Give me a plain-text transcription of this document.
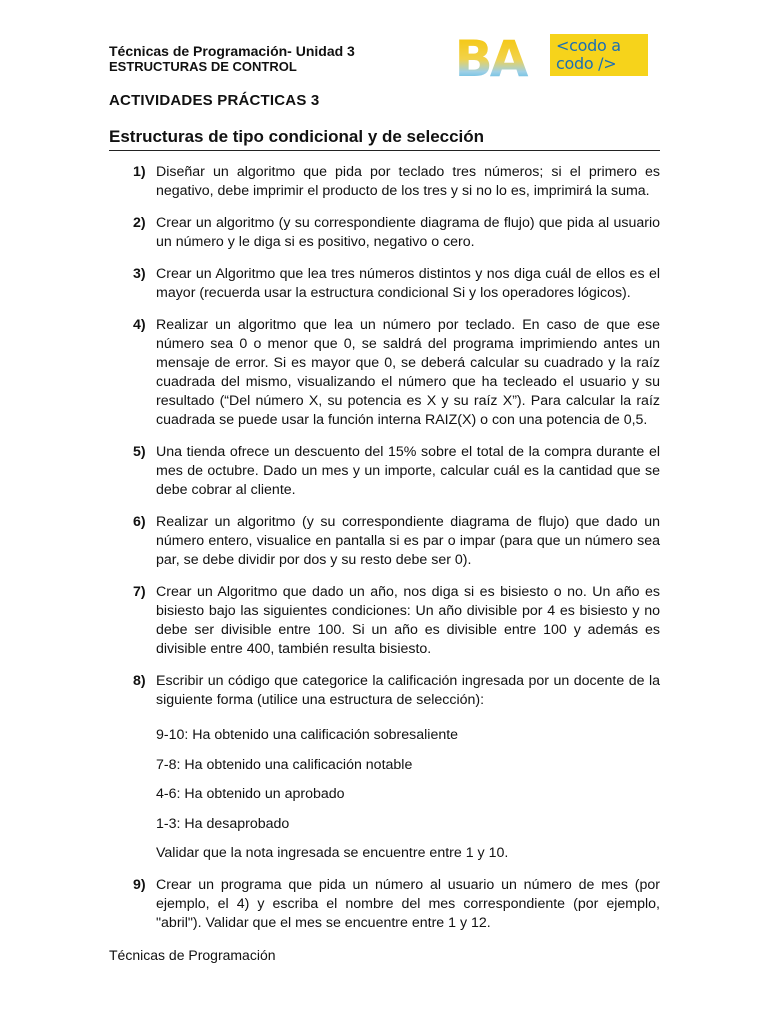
Técnicas de Programación- Unidad 3
ESTRUCTURAS DE CONTROL	BA <codo a
codo />
ACTIVIDADES PRÁCTICAS 3
Estructuras de tipo condicional y de selección
1) Diseñar un algoritmo que pida por teclado tres números; si el primero es negativo, debe imprimir el producto de los tres y si no lo es, imprimirá la suma.
2) Crear un algoritmo (y su correspondiente diagrama de flujo) que pida al usuario un número y le diga si es positivo, negativo o cero.
3) Crear un Algoritmo que lea tres números distintos y nos diga cuál de ellos es el mayor (recuerda usar la estructura condicional Si y los operadores lógicos).
4) Realizar un algoritmo que lea un número por teclado. En caso de que ese número sea 0 o menor que 0, se saldrá del programa imprimiendo antes un mensaje de error. Si es mayor que 0, se deberá calcular su cuadrado y la raíz cuadrada del mismo, visualizando el número que ha tecleado el usuario y su resultado (“Del número X, su potencia es X y su raíz X”). Para calcular la raíz cuadrada se puede usar la función interna RAIZ(X) o con una potencia de 0,5.
5) Una tienda ofrece un descuento del 15% sobre el total de la compra durante el mes de octubre. Dado un mes y un importe, calcular cuál es la cantidad que se debe cobrar al cliente.
6) Realizar un algoritmo (y su correspondiente diagrama de flujo) que dado un número entero, visualice en pantalla si es par o impar (para que un número sea par, se debe dividir por dos y su resto debe ser 0).
7) Crear un Algoritmo que dado un año, nos diga si es bisiesto o no. Un año es bisiesto bajo las siguientes condiciones: Un año divisible por 4 es bisiesto y no debe ser divisible entre 100. Si un año es divisible entre 100 y además es divisible entre 400, también resulta bisiesto.
8) Escribir un código que categorice la calificación ingresada por un docente de la siguiente forma (utilice una estructura de selección):
9-10: Ha obtenido una calificación sobresaliente
7-8: Ha obtenido una calificación notable
4-6: Ha obtenido un aprobado
1-3: Ha desaprobado
Validar que la nota ingresada se encuentre entre 1 y 10.
9) Crear un programa que pida un número al usuario un número de mes (por ejemplo, el 4) y escriba el nombre del mes correspondiente (por ejemplo, "abril"). Validar que el mes se encuentre entre 1 y 12.
Técnicas de Programación
